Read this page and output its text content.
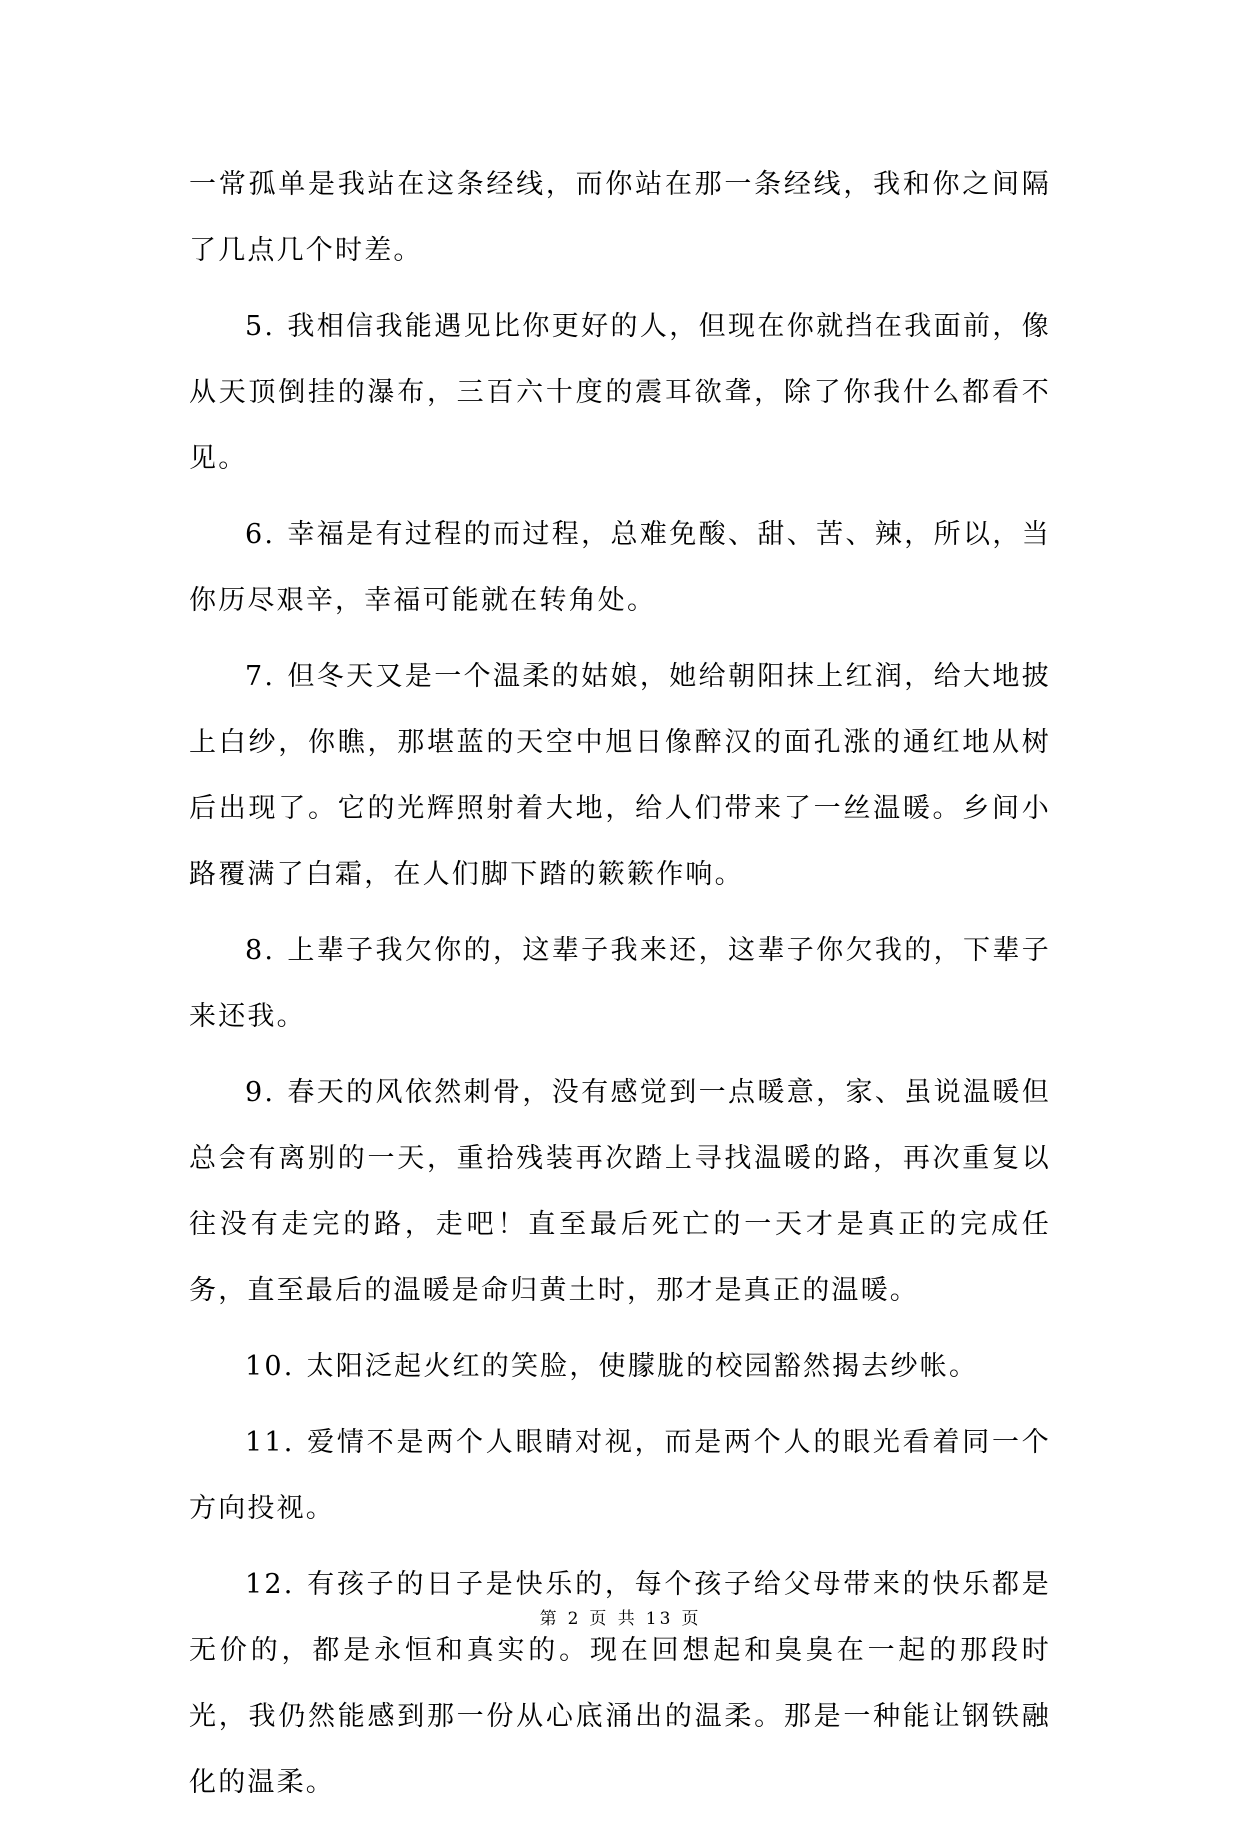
一常孤单是我站在这条经线，而你站在那一条经线，我和你之间隔了几点几个时差。

5. 我相信我能遇见比你更好的人，但现在你就挡在我面前，像从天顶倒挂的瀑布，三百六十度的震耳欲聋，除了你我什么都看不见。

6. 幸福是有过程的而过程，总难免酸、甜、苦、辣，所以，当你历尽艰辛，幸福可能就在转角处。

7. 但冬天又是一个温柔的姑娘，她给朝阳抹上红润，给大地披上白纱，你瞧，那堪蓝的天空中旭日像醉汉的面孔涨的通红地从树后出现了。它的光辉照射着大地，给人们带来了一丝温暖。乡间小路覆满了白霜，在人们脚下踏的簌簌作响。

8. 上辈子我欠你的，这辈子我来还，这辈子你欠我的，下辈子来还我。

9. 春天的风依然刺骨，没有感觉到一点暖意，家、虽说温暖但总会有离别的一天，重拾残装再次踏上寻找温暖的路，再次重复以往没有走完的路，走吧！直至最后死亡的一天才是真正的完成任务，直至最后的温暖是命归黄土时，那才是真正的温暖。

10. 太阳泛起火红的笑脸，使朦胧的校园豁然揭去纱帐。

11. 爱情不是两个人眼睛对视，而是两个人的眼光看着同一个方向投视。

12. 有孩子的日子是快乐的，每个孩子给父母带来的快乐都是无价的，都是永恒和真实的。现在回想起和臭臭在一起的那段时光，我仍然能感到那一份从心底涌出的温柔。那是一种能让钢铁融化的温柔。

第 2 页 共 13 页
